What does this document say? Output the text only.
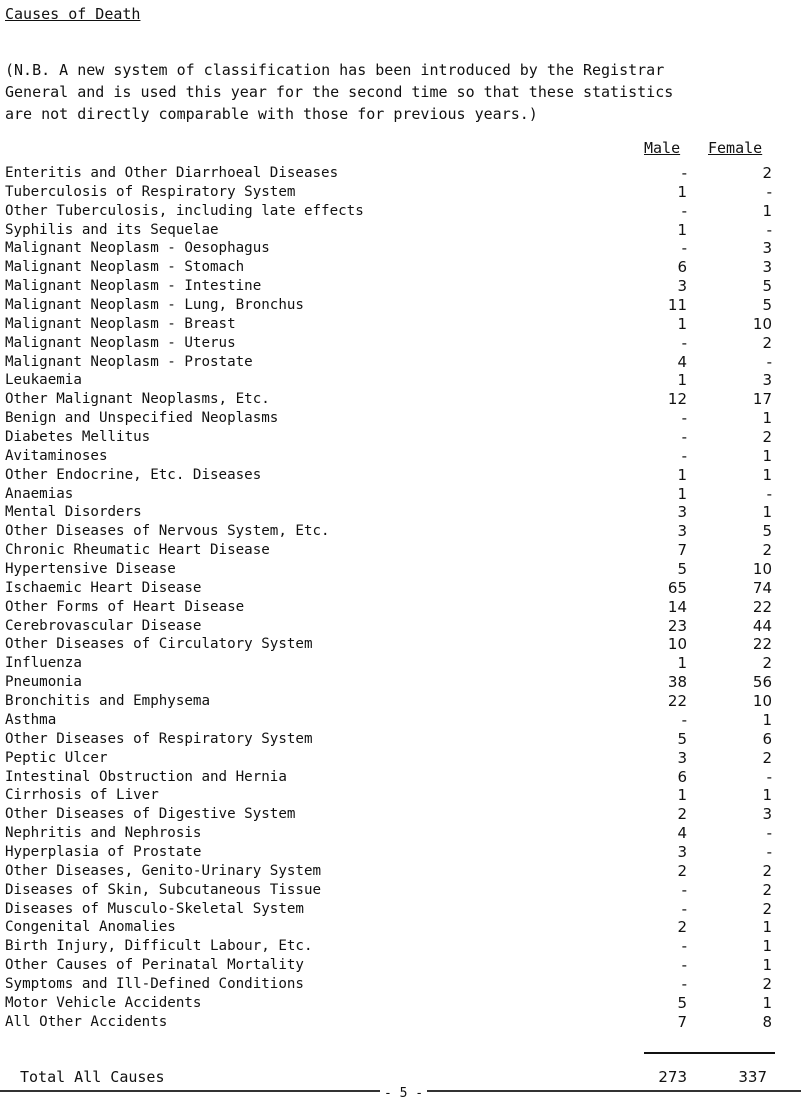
Causes of Death
(N.B. A new system of classification has been introduced by the Registrar
General and is used this year for the second time so that these statistics
are not directly comparable with those for previous years.)
Male Female
Enteritis and Other Diarrhoeal Diseases	-	2
Tuberculosis of Respiratory System	1	-
Other Tuberculosis, including late effects	-	1
Syphilis and its Sequelae	1	-
Malignant Neoplasm - Oesophagus	-	3
Malignant Neoplasm - Stomach	6	3
Malignant Neoplasm - Intestine	3	5
Malignant Neoplasm - Lung, Bronchus	11	5
Malignant Neoplasm - Breast	1	10
Malignant Neoplasm - Uterus	-	2
Malignant Neoplasm - Prostate	4	-
Leukaemia	1	3
Other Malignant Neoplasms, Etc.	12	17
Benign and Unspecified Neoplasms	-	1
Diabetes Mellitus	-	2
Avitaminoses	-	1
Other Endocrine, Etc. Diseases	1	1
Anaemias	1	-
Mental Disorders	3	1
Other Diseases of Nervous System, Etc.	3	5
Chronic Rheumatic Heart Disease	7	2
Hypertensive Disease	5	10
Ischaemic Heart Disease	65	74
Other Forms of Heart Disease	14	22
Cerebrovascular Disease	23	44
Other Diseases of Circulatory System	10	22
Influenza	1	2
Pneumonia	38	56
Bronchitis and Emphysema	22	10
Asthma	-	1
Other Diseases of Respiratory System	5	6
Peptic Ulcer	3	2
Intestinal Obstruction and Hernia	6	-
Cirrhosis of Liver	1	1
Other Diseases of Digestive System	2	3
Nephritis and Nephrosis	4	-
Hyperplasia of Prostate	3	-
Other Diseases, Genito-Urinary System	2	2
Diseases of Skin, Subcutaneous Tissue	-	2
Diseases of Musculo-Skeletal System	-	2
Congenital Anomalies	2	1
Birth Injury, Difficult Labour, Etc.	-	1
Other Causes of Perinatal Mortality	-	1
Symptoms and Ill-Defined Conditions	-	2
Motor Vehicle Accidents	5	1
All Other Accidents	7	8
Total All Causes	273	337
- 5 -
